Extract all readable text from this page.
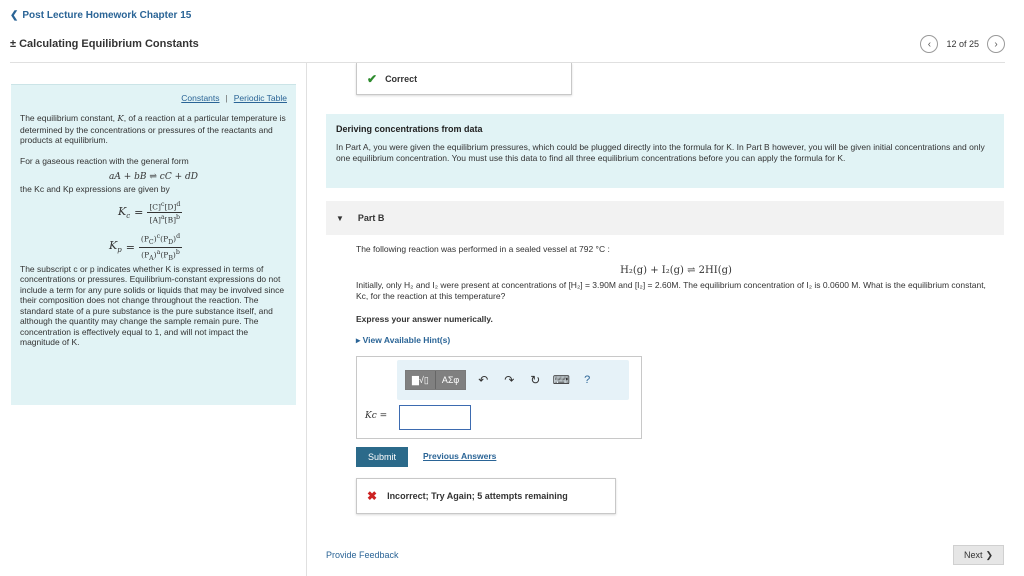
❮ Post Lecture Homework Chapter 15
± Calculating Equilibrium Constants	‹ 12 of 25 ›
Constants | Periodic Table

The equilibrium constant, K, of a reaction at a particular temperature is determined by the concentrations or pressures of the reactants and products at equilibrium.

For a gaseous reaction with the general form

aA + bB ⇌ cC + dD

the Kc and Kp expressions are given by

$K_c = \frac{[C]^c[D]^d}{[A]^a[B]^b}$
$K_p = \frac{(P_C)^c(P_D)^d}{(P_A)^a(P_B)^b}$

The subscript c or p indicates whether K is expressed in terms of concentrations or pressures. Equilibrium-constant expressions do not include a term for any pure solids or liquids that may be involved since their composition does not change throughout the reaction. The standard state of a pure substance is the pure substance itself, and although the quantity may change the sample remain pure. The concentration is effectively equal to 1, and will not impact the magnitude of K.

✔ Correct
Deriving concentrations from data
In Part A, you were given the equilibrium pressures, which could be plugged directly into the formula for K. In Part B however, you will be given initial concentrations and only one equilibrium concentration. You must use this data to find all three equilibrium concentrations before you can apply the formula for K.
▼ Part B
The following reaction was performed in a sealed vessel at 792 °C :
H₂(g) + I₂(g) ⇌ 2HI(g)
Initially, only H₂ and I₂ were present at concentrations of [H₂] = 3.90M and [I₂] = 2.60M. The equilibrium concentration of I₂ is 0.0600 M. What is the equilibrium constant, Kc, for the reaction at this temperature?
Express your answer numerically.
▸ View Available Hint(s)
▇√▯	ΑΣφ	↶	↷	↻	⌨	?
Kc =
Submit	Previous Answers
✖ Incorrect; Try Again; 5 attempts remaining
Provide Feedback	Next ❯
